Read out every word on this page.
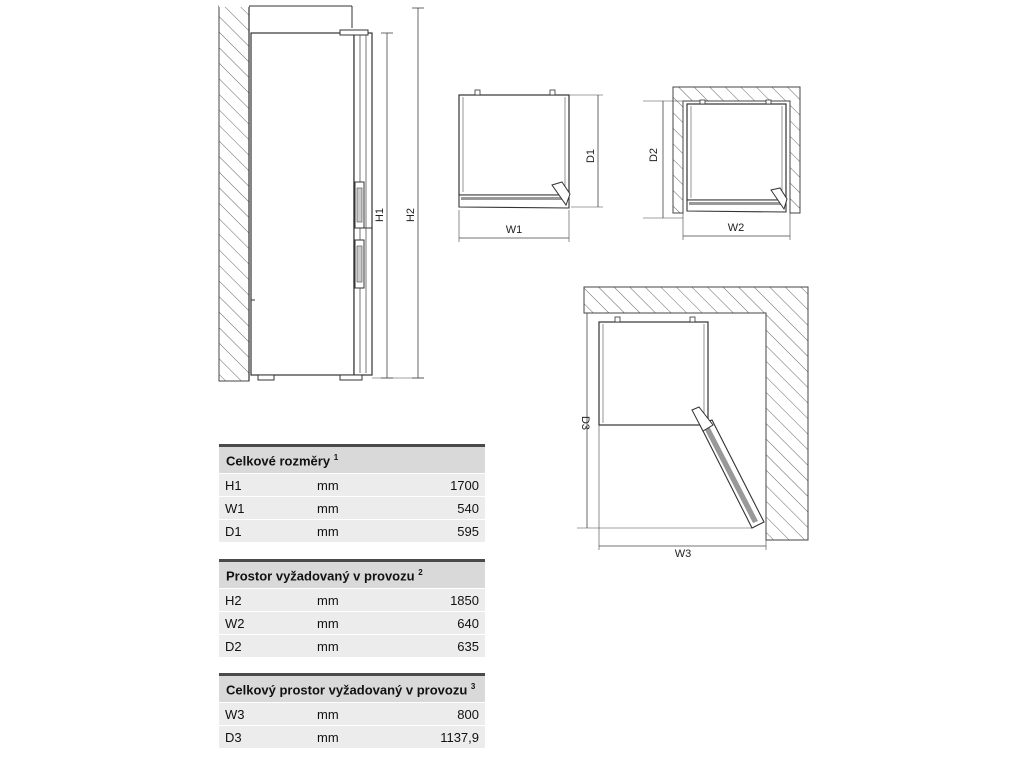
H1 H2
D1
W1
D2
W2
D3
W3
Celkové rozměry $^1$
H1	mm	1700
W1	mm	540
D1	mm	595
Prostor vyžadovaný v provozu $^2$
H2	mm	1850
W2	mm	640
D2	mm	635
Celkový prostor vyžadovaný v provozu $^3$
W3	mm	800
D3	mm	1137,9
